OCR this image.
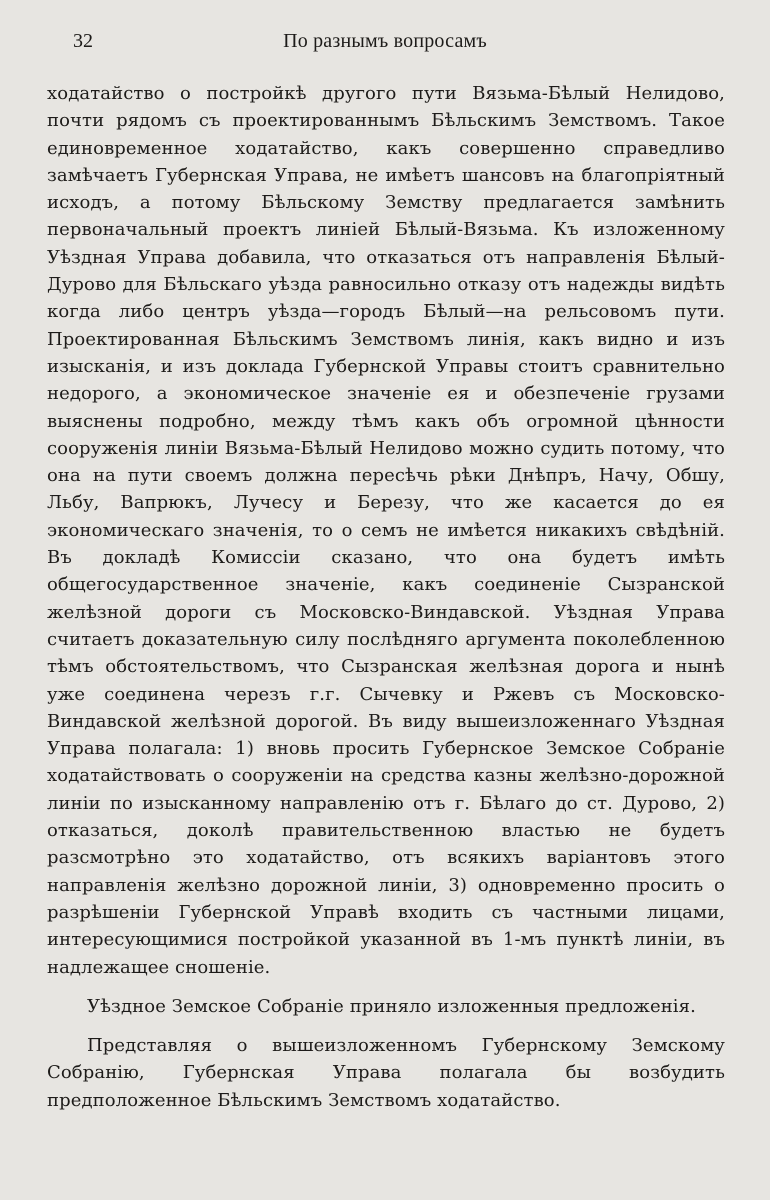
32	По разнымъ вопросамъ

ходатайство о постройкѣ другого пути Вязьма-Бѣлый Нелидово, почти рядомъ съ проектированнымъ Бѣльскимъ Земствомъ. Такое единовременное ходатайство, какъ совершенно справедливо замѣчаетъ Губернская Управа, не имѣетъ шансовъ на благопріятный исходъ, а потому Бѣльскому Земству предлагается замѣнить первоначальный проектъ линіей Бѣлый-Вязьма. Къ изложенному Уѣздная Управа добавила, что отказаться отъ направленія Бѣлый-Дурово для Бѣльскаго уѣзда равносильно отказу отъ надежды видѣть когда либо центръ уѣзда—городъ Бѣлый—на рельсовомъ пути. Проектированная Бѣльскимъ Земствомъ линія, какъ видно и изъ изысканія, и изъ доклада Губернской Управы стоитъ сравнительно недорого, а экономическое значеніе ея и обезпеченіе грузами выяснены подробно, между тѣмъ какъ объ огромной цѣнности сооруженія линіи Вязьма-Бѣлый Нелидово можно судить потому, что она на пути своемъ должна пересѣчь рѣки Днѣпръ, Начу, Обшу, Льбу, Вапрюкъ, Лучесу и Березу, что же касается до ея экономическаго значенія, то о семъ не имѣется никакихъ свѣдѣній. Въ докладѣ Комиссіи сказано, что она будетъ имѣть общегосударственное значеніе, какъ соединеніе Сызранской желѣзной дороги съ Московско-Виндавской. Уѣздная Управа считаетъ доказательную силу послѣдняго аргумента поколебленною тѣмъ обстоятельствомъ, что Сызранская желѣзная дорога и нынѣ уже соединена черезъ г.г. Сычевку и Ржевъ съ Московско-Виндавской желѣзной дорогой. Въ виду вышеизложеннаго Уѣздная Управа полагала: 1) вновь просить Губернское Земское Собраніе ходатайствовать о сооруженіи на средства казны желѣзно-дорожной линіи по изысканному направленію отъ г. Бѣлаго до ст. Дурово, 2) отказаться, доколѣ правительственною властью не будетъ разсмотрѣно это ходатайство, отъ всякихъ варіантовъ этого направленія желѣзно дорожной линіи, 3) одновременно просить о разрѣшеніи Губернской Управѣ входить съ частными лицами, интересующимися постройкой указанной въ 1-мъ пунктѣ линіи, въ надлежащее сношеніе.

Уѣздное Земское Собраніе приняло изложенныя предложенія.

Представляя о вышеизложенномъ Губернскому Земскому Собранію, Губернская Управа полагала бы возбудить предположенное Бѣльскимъ Земствомъ ходатайство.
